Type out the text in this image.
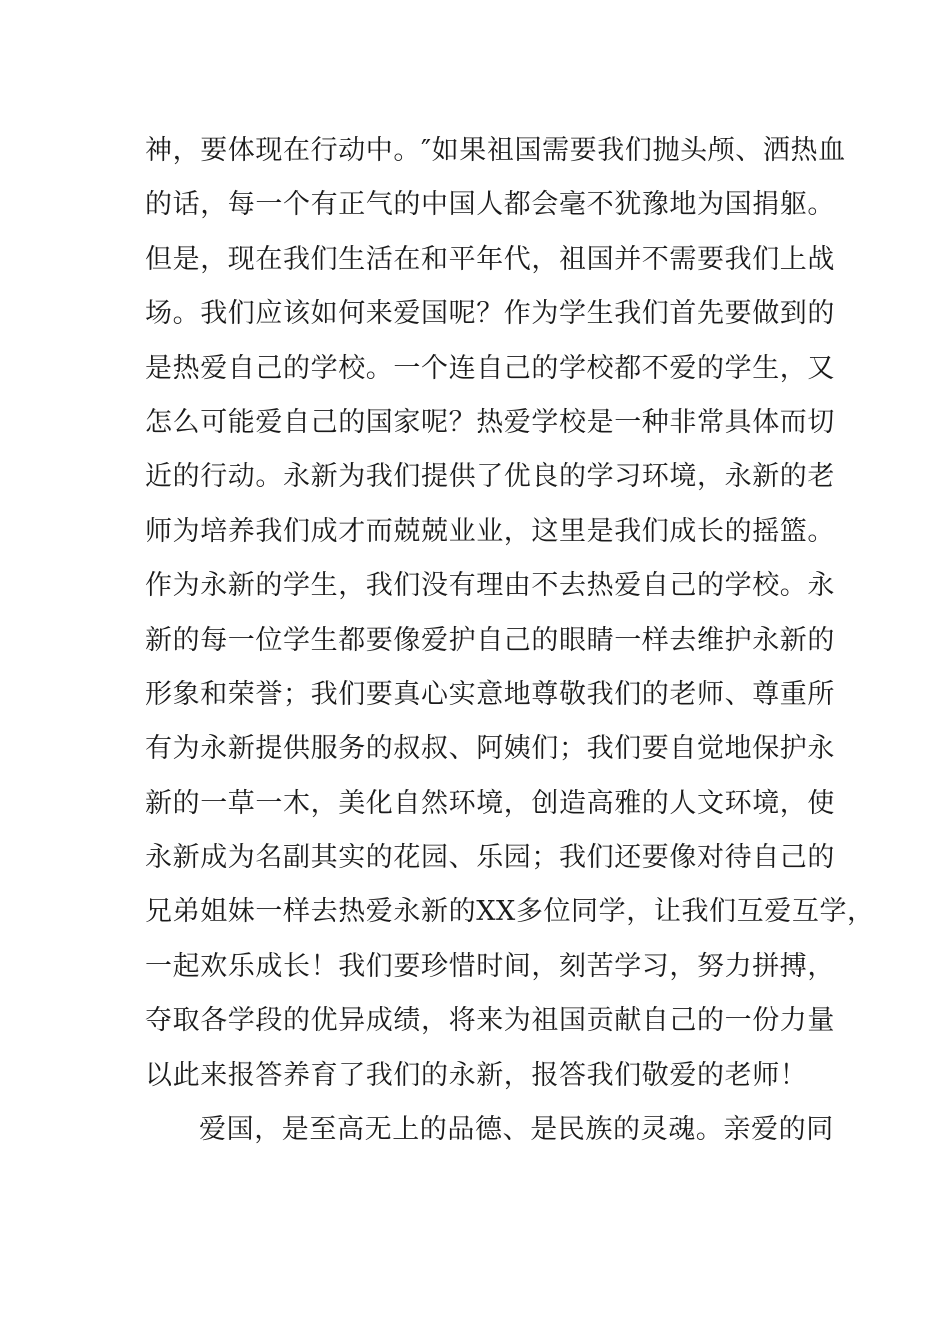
神，要体现在行动中。″如果祖国需要我们抛头颅、洒热血
的话，每一个有正气的中国人都会毫不犹豫地为国捐躯。
但是，现在我们生活在和平年代，祖国并不需要我们上战
场。我们应该如何来爱国呢？作为学生我们首先要做到的
是热爱自己的学校。一个连自己的学校都不爱的学生，又
怎么可能爱自己的国家呢？热爱学校是一种非常具体而切
近的行动。永新为我们提供了优良的学习环境，永新的老
师为培养我们成才而兢兢业业，这里是我们成长的摇篮。
作为永新的学生，我们没有理由不去热爱自己的学校。永
新的每一位学生都要像爱护自己的眼睛一样去维护永新的
形象和荣誉；我们要真心实意地尊敬我们的老师、尊重所
有为永新提供服务的叔叔、阿姨们；我们要自觉地保护永
新的一草一木，美化自然环境，创造高雅的人文环境，使
永新成为名副其实的花园、乐园；我们还要像对待自己的
兄弟姐妹一样去热爱永新的XX多位同学，让我们互爱互学，
一起欢乐成长！我们要珍惜时间，刻苦学习，努力拼搏，
夺取各学段的优异成绩，将来为祖国贡献自己的一份力量
以此来报答养育了我们的永新，报答我们敬爱的老师！
爱国，是至高无上的品德、是民族的灵魂。亲爱的同
